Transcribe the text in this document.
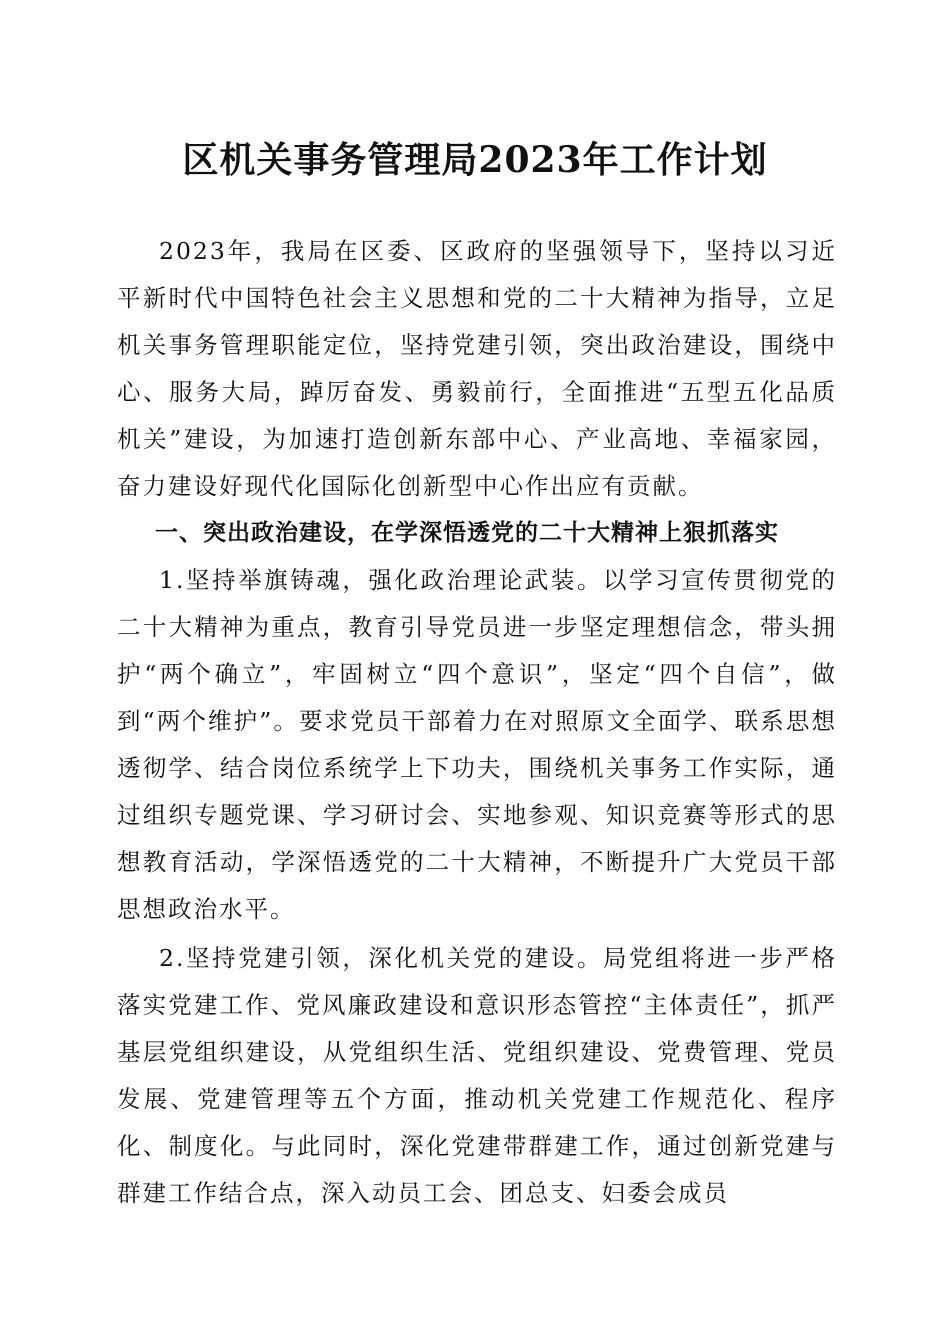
区机关事务管理局2023年工作计划

2023年，我局在区委、区政府的坚强领导下，坚持以习近平新时代中国特色社会主义思想和党的二十大精神为指导，立足机关事务管理职能定位，坚持党建引领，突出政治建设，围绕中心、服务大局，踔厉奋发、勇毅前行，全面推进“五型五化品质机关”建设，为加速打造创新东部中心、产业高地、幸福家园，奋力建设好现代化国际化创新型中心作出应有贡献。

一、突出政治建设，在学深悟透党的二十大精神上狠抓落实

1.坚持举旗铸魂，强化政治理论武装。以学习宣传贯彻党的二十大精神为重点，教育引导党员进一步坚定理想信念，带头拥护“两个确立”，牢固树立“四个意识”，坚定“四个自信”，做到“两个维护”。要求党员干部着力在对照原文全面学、联系思想透彻学、结合岗位系统学上下功夫，围绕机关事务工作实际，通过组织专题党课、学习研讨会、实地参观、知识竞赛等形式的思想教育活动，学深悟透党的二十大精神，不断提升广大党员干部思想政治水平。

2.坚持党建引领，深化机关党的建设。局党组将进一步严格落实党建工作、党风廉政建设和意识形态管控“主体责任”，抓严基层党组织建设，从党组织生活、党组织建设、党费管理、党员发展、党建管理等五个方面，推动机关党建工作规范化、程序化、制度化。与此同时，深化党建带群建工作，通过创新党建与群建工作结合点，深入动员工会、团总支、妇委会成员
